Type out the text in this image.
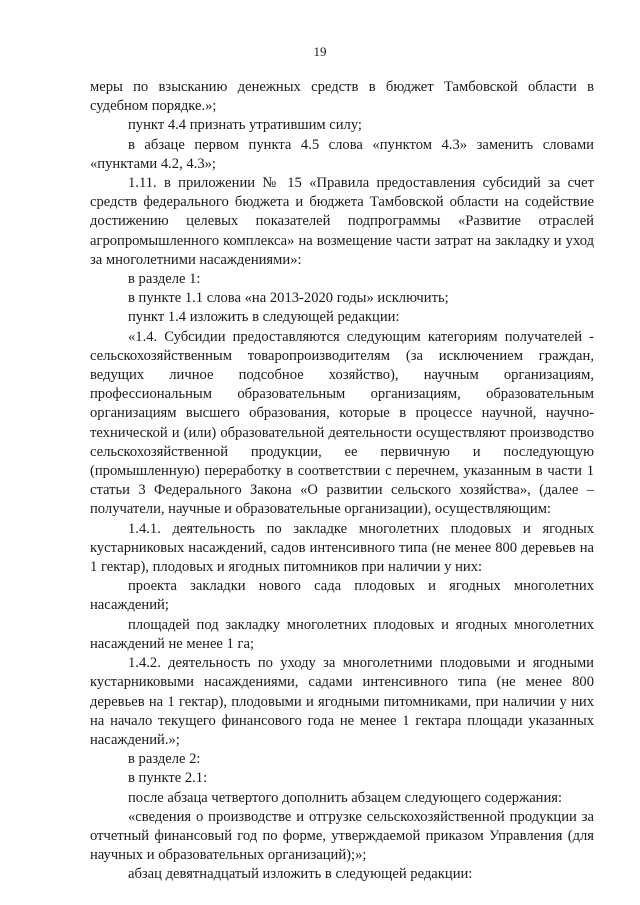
19

меры по взысканию денежных средств в бюджет Тамбовской области в судебном порядке.»;

пункт 4.4 признать утратившим силу;

в абзаце первом пункта 4.5 слова «пунктом 4.3» заменить словами «пунктами 4.2, 4.3»;

1.11. в приложении № 15 «Правила предоставления субсидий за счет средств федерального бюджета и бюджета Тамбовской области на содействие достижению целевых показателей подпрограммы «Развитие отраслей агропромышленного комплекса» на возмещение части затрат на закладку и уход за многолетними насаждениями»:

в разделе 1:

в пункте 1.1 слова «на 2013-2020 годы» исключить;

пункт 1.4 изложить в следующей редакции:

«1.4. Субсидии предоставляются следующим категориям получателей - сельскохозяйственным товаропроизводителям (за исключением граждан, ведущих личное подсобное хозяйство), научным организациям, профессиональным образовательным организациям, образовательным организациям высшего образования, которые в процессе научной, научно-технической и (или) образовательной деятельности осуществляют производство сельскохозяйственной продукции, ее первичную и последующую (промышленную) переработку в соответствии с перечнем, указанным в части 1 статьи 3 Федерального Закона «О развитии сельского хозяйства», (далее – получатели, научные и образовательные организации), осуществляющим:

1.4.1. деятельность по закладке многолетних плодовых и ягодных кустарниковых насаждений, садов интенсивного типа (не менее 800 деревьев на 1 гектар), плодовых и ягодных питомников при наличии у них:

проекта закладки нового сада плодовых и ягодных многолетних насаждений;

площадей под закладку многолетних плодовых и ягодных многолетних насаждений не менее 1 га;

1.4.2. деятельность по уходу за многолетними плодовыми и ягодными кустарниковыми насаждениями, садами интенсивного типа (не менее 800 деревьев на 1 гектар), плодовыми и ягодными питомниками, при наличии у них на начало текущего финансового года не менее 1 гектара площади указанных насаждений.»;

в разделе 2:

в пункте 2.1:

после абзаца четвертого дополнить абзацем следующего содержания:

«сведения о производстве и отгрузке сельскохозяйственной продукции за отчетный финансовый год по форме, утверждаемой приказом Управления (для научных и образовательных организаций);»;

абзац девятнадцатый изложить в следующей редакции:
